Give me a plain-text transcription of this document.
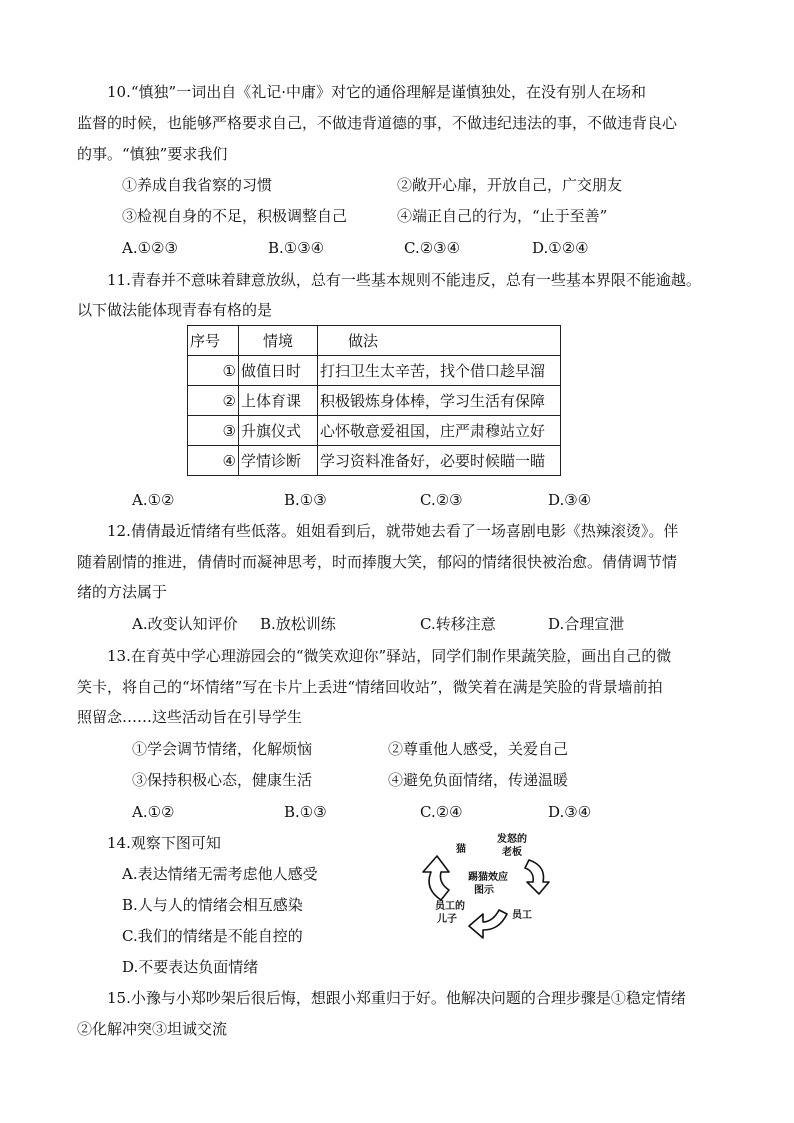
10.“慎独”一词出自《礼记·中庸》对它的通俗理解是谨慎独处，在没有别人在场和
监督的时候，也能够严格要求自己，不做违背道德的事，不做违纪违法的事，不做违背良心
的事。“慎独”要求我们
①养成自我省察的习惯	②敞开心扉，开放自己，广交朋友
③检视自身的不足，积极调整自己	④端正自己的行为，“止于至善”
A.①②③	B.①③④	C.②③④	D.①②④
11.青春并不意味着肆意放纵，总有一些基本规则不能违反，总有一些基本界限不能逾越。
以下做法能体现青春有格的是
序号	情境	做法
①	做值日时	打扫卫生太辛苦，找个借口趁早溜
②	上体育课	积极锻炼身体棒，学习生活有保障
③	升旗仪式	心怀敬意爱祖国，庄严肃穆站立好
④	学情诊断	学习资料准备好，必要时候瞄一瞄
A.①②	B.①③	C.②③	D.③④
12.倩倩最近情绪有些低落。姐姐看到后，就带她去看了一场喜剧电影《热辣滚烫》。伴
随着剧情的推进，倩倩时而凝神思考，时而捧腹大笑，郁闷的情绪很快被治愈。倩倩调节情
绪的方法属于
A.改变认知评价 B.放松训练	C.转移注意	D.合理宣泄
13.在育英中学心理游园会的“微笑欢迎你”驿站，同学们制作果蔬笑脸，画出自己的微
笑卡，将自己的“坏情绪”写在卡片上丢进“情绪回收站”，微笑着在满是笑脸的背景墙前拍
照留念……这些活动旨在引导学生
①学会调节情绪，化解烦恼	②尊重他人感受，关爱自己
③保持积极心态，健康生活	④避免负面情绪，传递温暖
A.①②	B.①③	C.②④	D.③④
14.观察下图可知
A.表达情绪无需考虑他人感受
B.人与人的情绪会相互感染
C.我们的情绪是不能自控的
D.不要表达负面情绪
猫
发怒的
老板
踢猫效应
图示
员工
员工的
儿子
15.小豫与小郑吵架后很后悔，想跟小郑重归于好。他解决问题的合理步骤是①稳定情绪
②化解冲突③坦诚交流
